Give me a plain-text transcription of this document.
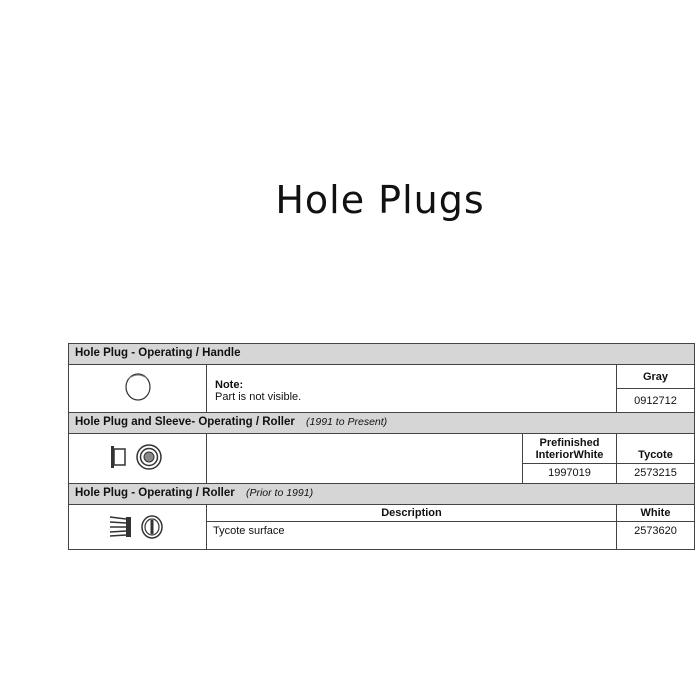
Hole Plugs
Hole Plug - Operating / Handle			

Note:
Part is not visible.		Gray
			0912712
Hole Plug and Sleeve- Operating / Roller (1991 to Present)			
		Prefinished InteriorWhite	Tycote
		1997019	2573215
Hole Plug - Operating / Roller (Prior to 1991)			
	Description		White
	Tycote surface		2573620
